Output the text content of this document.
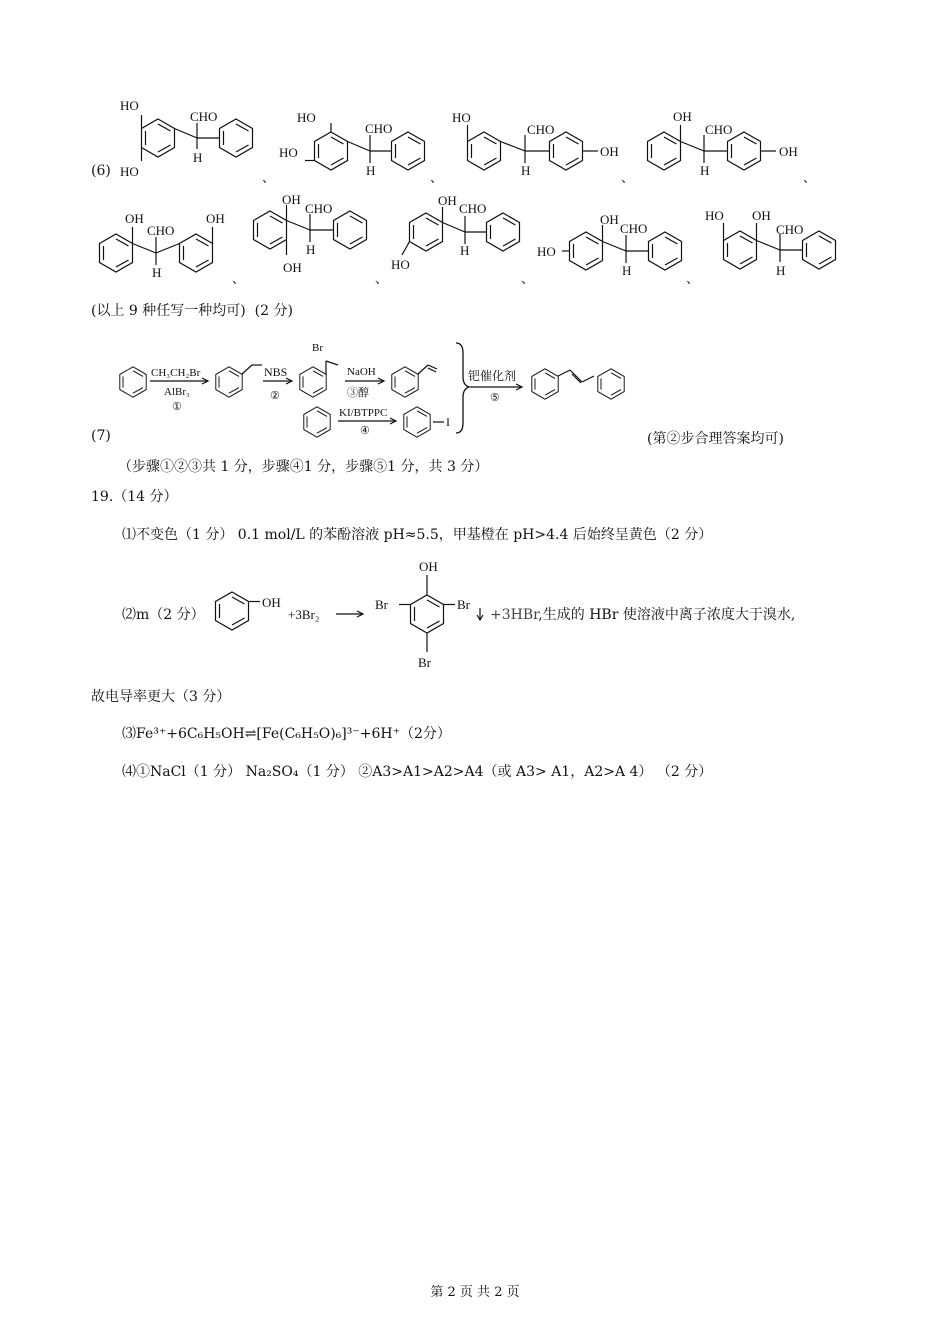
(6)
HO
HO
CHO
H
、
HO
HO
CHO
H	、
HO
CHO
H
OH
、
OH
CHO
H
OH
、
OH
CHO
H
OH
、
OH
CHO
H
OH
、
OH
CHO
H
HO
、
OH
CHO
H
HO
、
HO OH
CHO
H
(以上 9 种任写一种均可) (2 分)
CH₃CH₂Br
AlBr₃
①
NBS
②
Br
NaOH
③醇
KI/BTPPC
④
I
钯催化剂
⑤
(7)	(第②步合理答案均可)
（步骤①②③共 1 分，步骤④1 分，步骤⑤1 分，共 3 分）
19.（14 分）
⑴不变色（1 分） 0.1 mol/L 的苯酚溶液 pH≈5.5，甲基橙在 pH>4.4 后始终呈黄色（2 分）
⑵m（2 分）
OH
+3Br₂
OH
Br	Br
Br
+3HBr,生成的 HBr 使溶液中离子浓度大于溴水,
故电导率更大（3 分）
⑶Fe³⁺+6C₆H₅OH⇌[Fe(C₆H₅O)₆]³⁻+6H⁺（2分）
⑷①NaCl（1 分） Na₂SO₄（1 分） ②A3>A1>A2>A4（或 A3> A1，A2>A 4） （2 分）
第 2 页 共 2 页
